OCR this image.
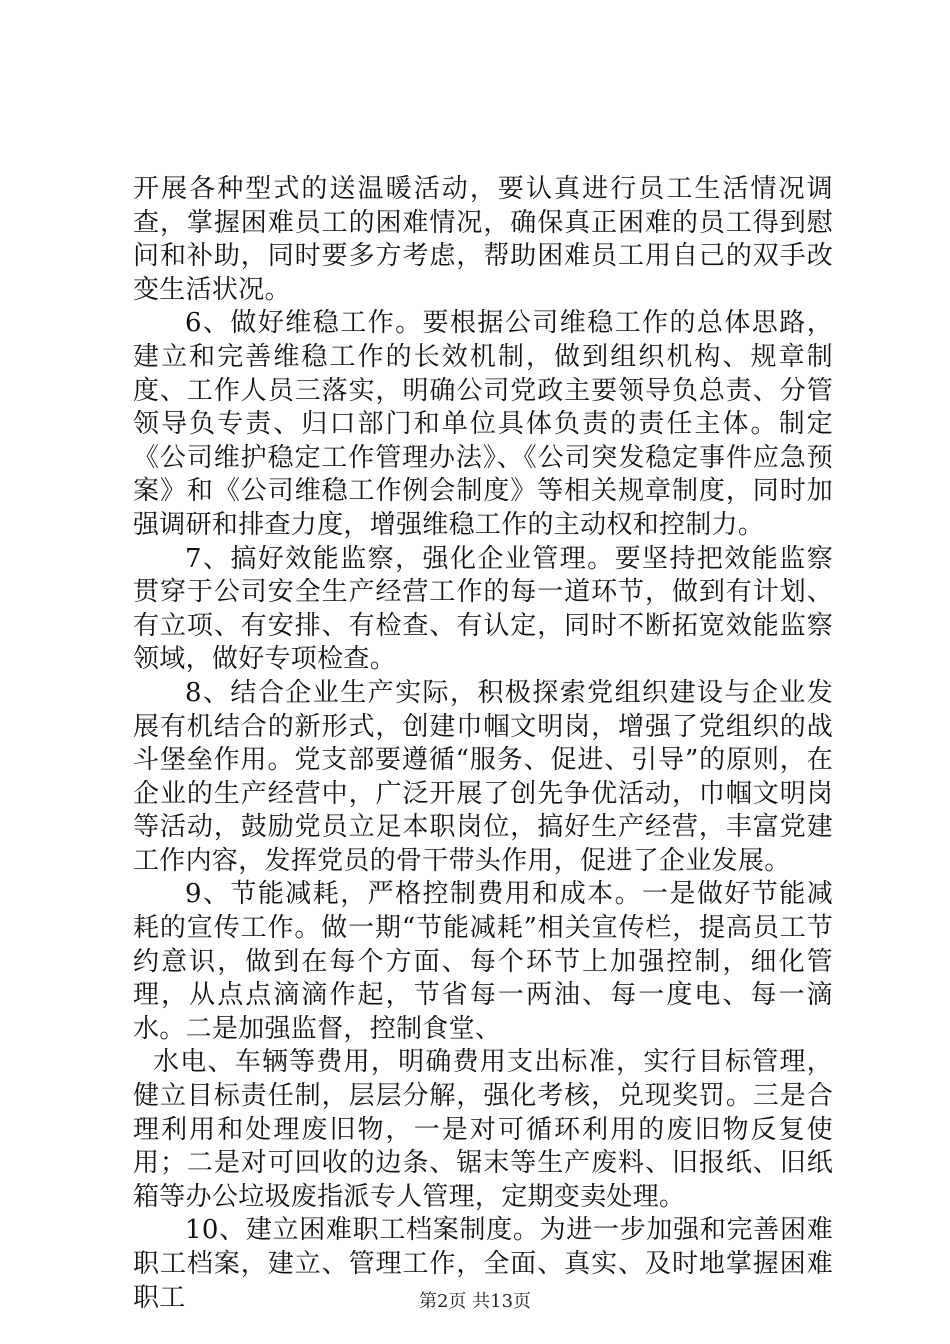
开展各种型式的送温暖活动，要认真进行员工生活情况调查，掌握困难员工的困难情况，确保真正困难的员工得到慰问和补助，同时要多方考虑，帮助困难员工用自己的双手改变生活状况。

6、做好维稳工作。要根据公司维稳工作的总体思路，建立和完善维稳工作的长效机制，做到组织机构、规章制度、工作人员三落实，明确公司党政主要领导负总责、分管领导负专责、归口部门和单位具体负责的责任主体。制定《公司维护稳定工作管理办法》、《公司突发稳定事件应急预案》和《公司维稳工作例会制度》等相关规章制度，同时加强调研和排查力度，增强维稳工作的主动权和控制力。

7、搞好效能监察，强化企业管理。要坚持把效能监察贯穿于公司安全生产经营工作的每一道环节，做到有计划、有立项、有安排、有检查、有认定，同时不断拓宽效能监察领域，做好专项检查。

8、结合企业生产实际，积极探索党组织建设与企业发展有机结合的新形式，创建巾帼文明岗，增强了党组织的战斗堡垒作用。党支部要遵循“服务、促进、引导”的原则，在企业的生产经营中，广泛开展了创先争优活动，巾帼文明岗等活动，鼓励党员立足本职岗位，搞好生产经营，丰富党建工作内容，发挥党员的骨干带头作用，促进了企业发展。

9、节能减耗，严格控制费用和成本。一是做好节能减耗的宣传工作。做一期“节能减耗”相关宣传栏，提高员工节约意识，做到在每个方面、每个环节上加强控制，细化管理，从点点滴滴作起，节省每一两油、每一度电、每一滴水。二是加强监督，控制食堂、

水电、车辆等费用，明确费用支出标准，实行目标管理，健立目标责任制，层层分解，强化考核，兑现奖罚。三是合理利用和处理废旧物，一是对可循环利用的废旧物反复使用；二是对可回收的边条、锯末等生产废料、旧报纸、旧纸箱等办公垃圾废指派专人管理，定期变卖处理。

10、建立困难职工档案制度。为进一步加强和完善困难职工档案，建立、管理工作，全面、真实、及时地掌握困难职工	第2页 共13页
